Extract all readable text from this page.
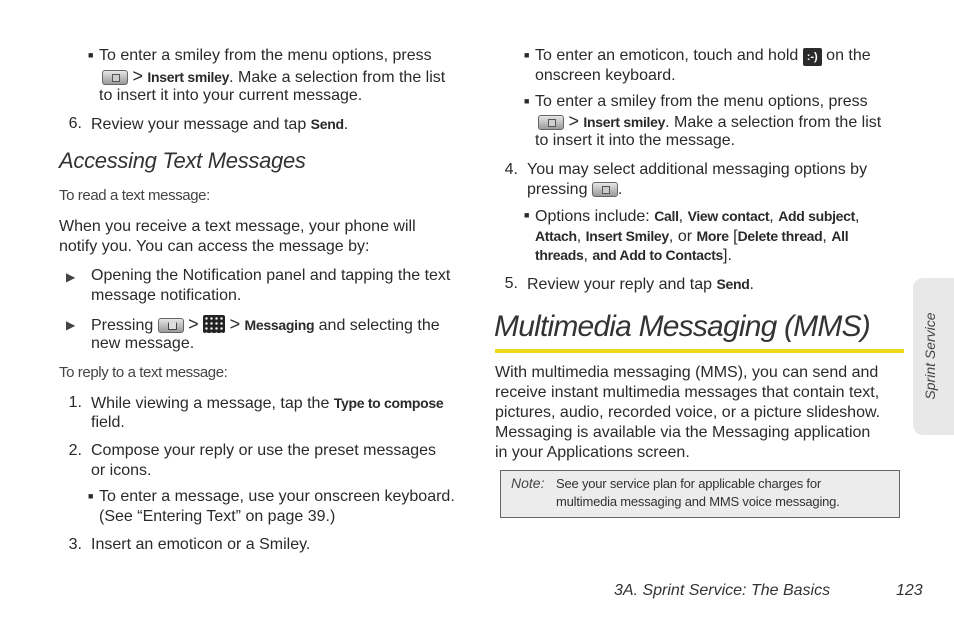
■ To enter a smiley from the menu options, press

> Insert smiley. Make a selection from the list

to insert it into your current message.

6. Review your message and tap Send.

Accessing Text Messages
To read a text message:

When you receive a text message, your phone will

notify you. You can access the message by:

▶ Opening the Notification panel and tapping the text

message notification.

▶ Pressing > > Messaging and selecting the

new message.

To reply to a text message:
1. While viewing a message, tap the Type to compose

field.

2. Compose your reply or use the preset messages

or icons.

■ To enter a message, use your onscreen keyboard.

(See “Entering Text” on page 39.)

3. Insert an emoticon or a Smiley.

■ To enter an emoticon, touch and hold :-) on the

onscreen keyboard.

■ To enter a smiley from the menu options, press

> Insert smiley. Make a selection from the list

to insert it into the message.

4. You may select additional messaging options by

pressing .

■ Options include: Call, View contact, Add subject,

Attach, Insert Smiley, or More [Delete thread, All

threads, and Add to Contacts].

5. Review your reply and tap Send.

Multimedia Messaging (MMS)

With multimedia messaging (MMS), you can send and

receive instant multimedia messages that contain text,

pictures, audio, recorded voice, or a picture slideshow.

Messaging is available via the Messaging application

in your Applications screen.

Note: See your service plan for applicable charges for
multimedia messaging and MMS voice messaging.
Sprint Service
3A. Sprint Service: The Basics	123
